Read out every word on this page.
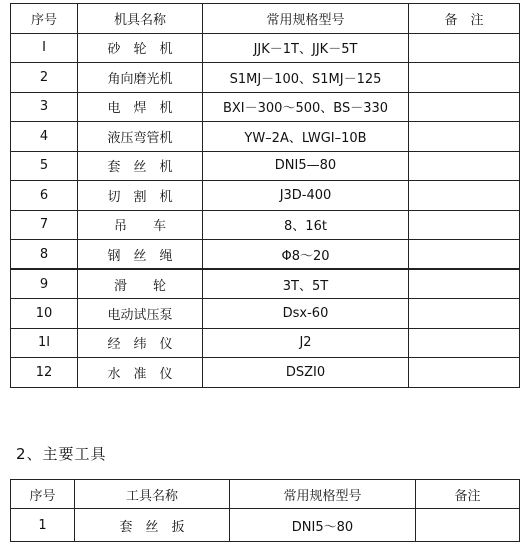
序号	机具名称	常用规格型号	备　注
I	砂　轮　机	JJK－1T、JJK－5T	
2	角向磨光机	S1MJ－100、S1MJ－125	
3	电　焊　机	BXI－300～500、BS－330	
4	液压弯管机	YW–2A、LWGI–10B	
5	套　丝　机	DNI5—80	
6	切　割　机	J3D-400	
7	吊　　车	8、16t	
8	钢　丝　绳	Φ8～20	
9	滑　　轮	3T、5T	
10	电动试压泵	Dsx-60	
1I	经　纬　仪	J2	
12	水　准　仪	DSZI0	
2、主要工具
序号	工具名称	常用规格型号	备注
1	套　丝　扳	DNI5～80	
